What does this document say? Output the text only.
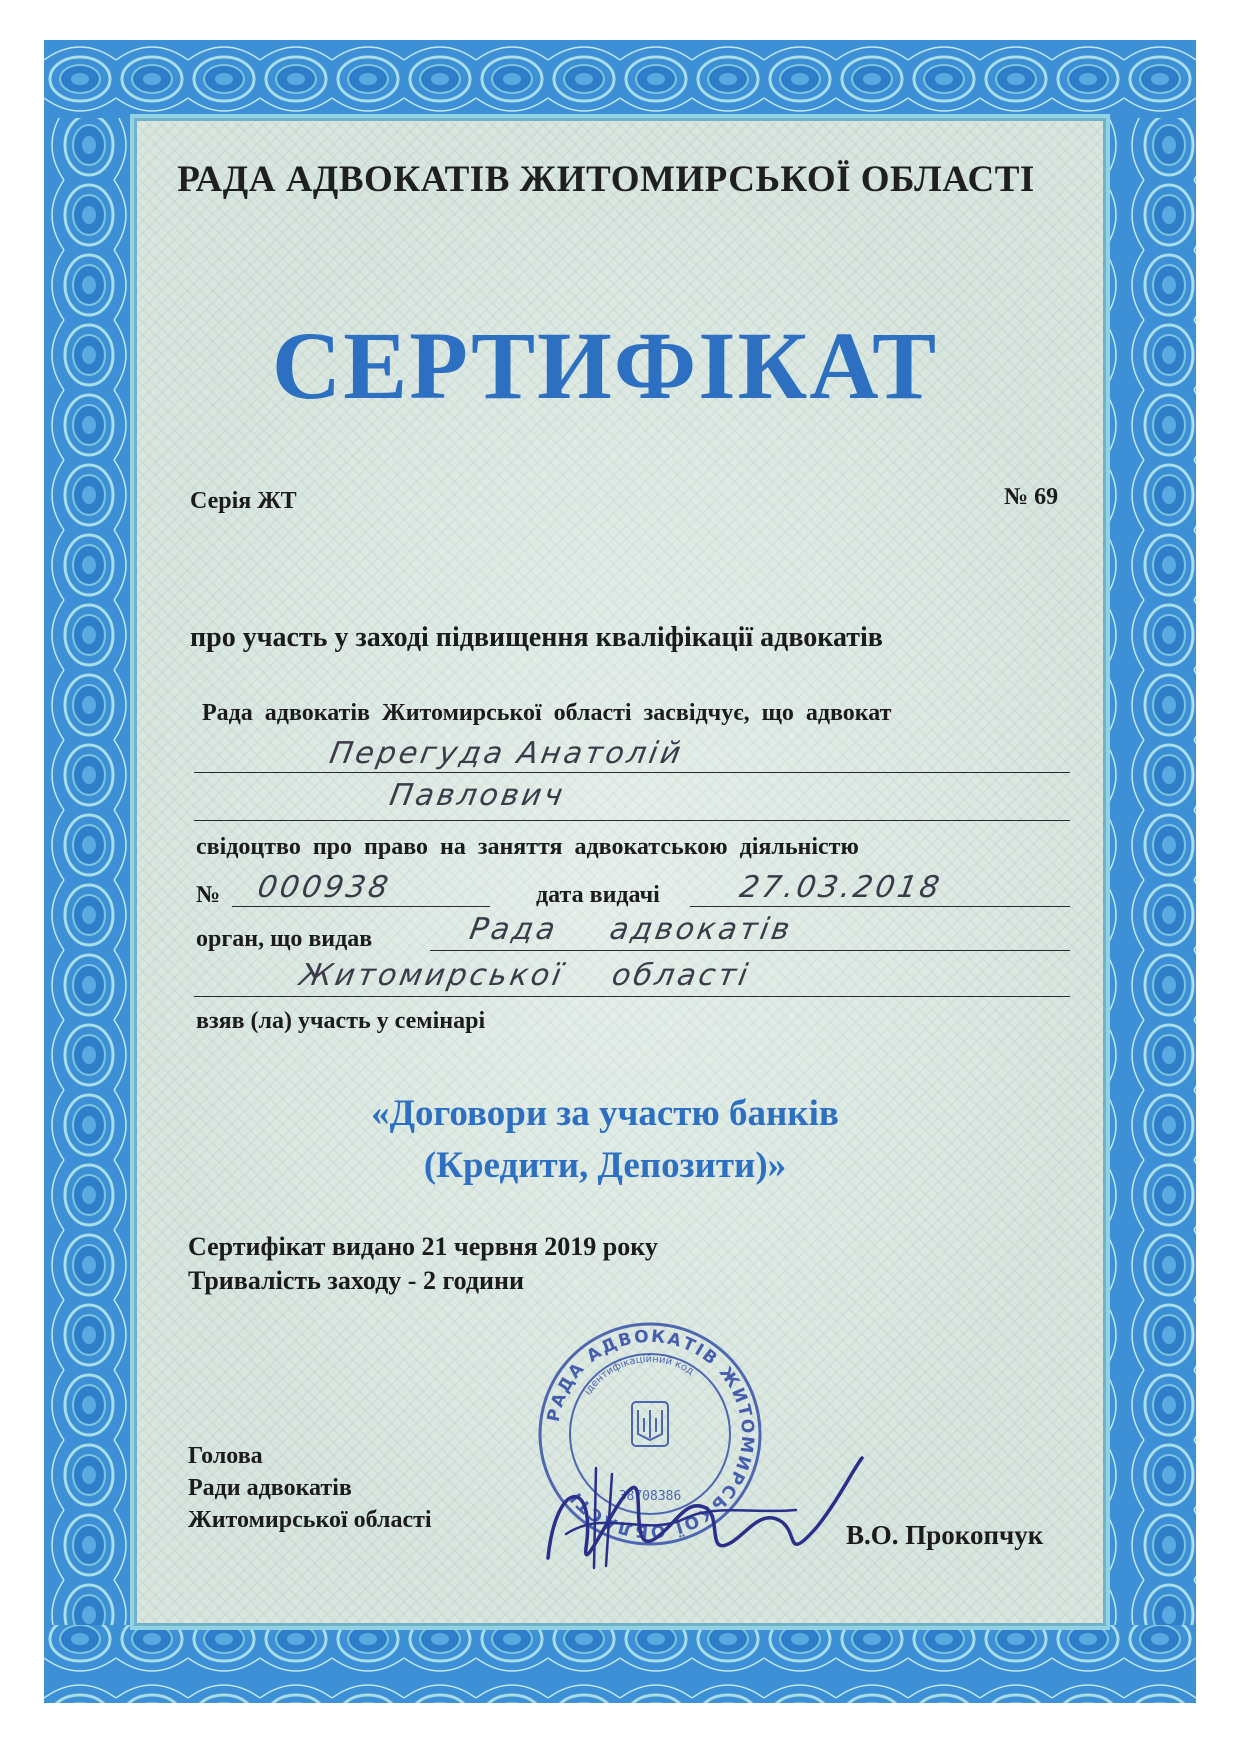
РАДА АДВОКАТІВ ЖИТОМИРСЬКОЇ ОБЛАСТІ
СЕРТИФІКАТ
Серія ЖТ	№ 69
про участь у заході підвищення кваліфікації адвокатів
Рада адвокатів Житомирської області засвідчує, що адвокат
Перегуда Анатолій
Павлович
свідоцтво про право на заняття адвокатською діяльністю
№ 000938	дата видачі	27.03.2018
орган, що видав	Рада адвокатів
Житомирської області
взяв (ла) участь у семінарі
«Договори за участю банків
(Кредити, Депозити)»
Сертифікат видано 21 червня 2019 року
Тривалість заходу - 2 години
Голова
Ради адвокатів
Житомирської області
РАДА АДВОКАТІВ ЖИТОМИРСЬКОЇ ОБЛАСТІ
ідентифікаційний код
38708386
В.О. Прокопчук
